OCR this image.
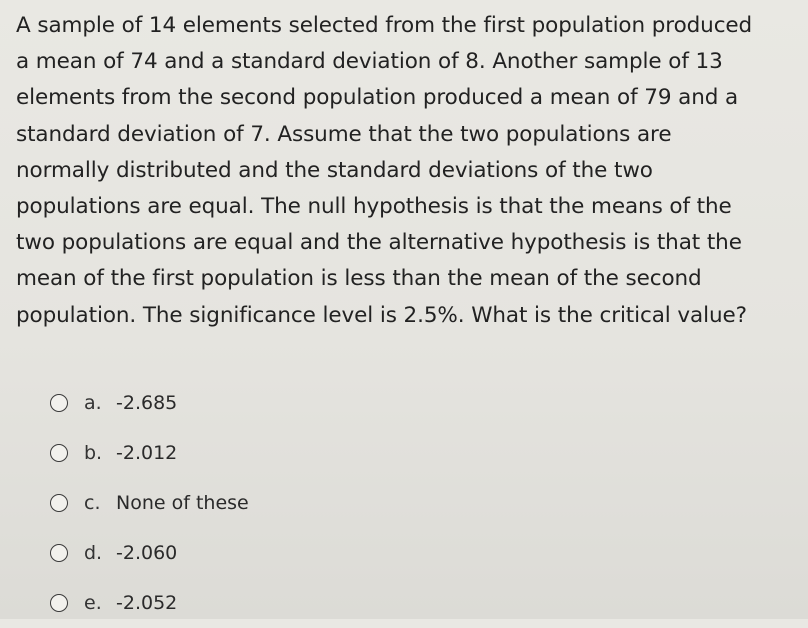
A sample of 14 elements selected from the first population produced
a mean of 74 and a standard deviation of 8. Another sample of 13
elements from the second population produced a mean of 79 and a
standard deviation of 7. Assume that the two populations are
normally distributed and the standard deviations of the two
populations are equal. The null hypothesis is that the means of the
two populations are equal and the alternative hypothesis is that the
mean of the first population is less than the mean of the second
population. The significance level is 2.5%. What is the critical value?
a. -2.685
b. -2.012
c. None of these
d. -2.060
e. -2.052
